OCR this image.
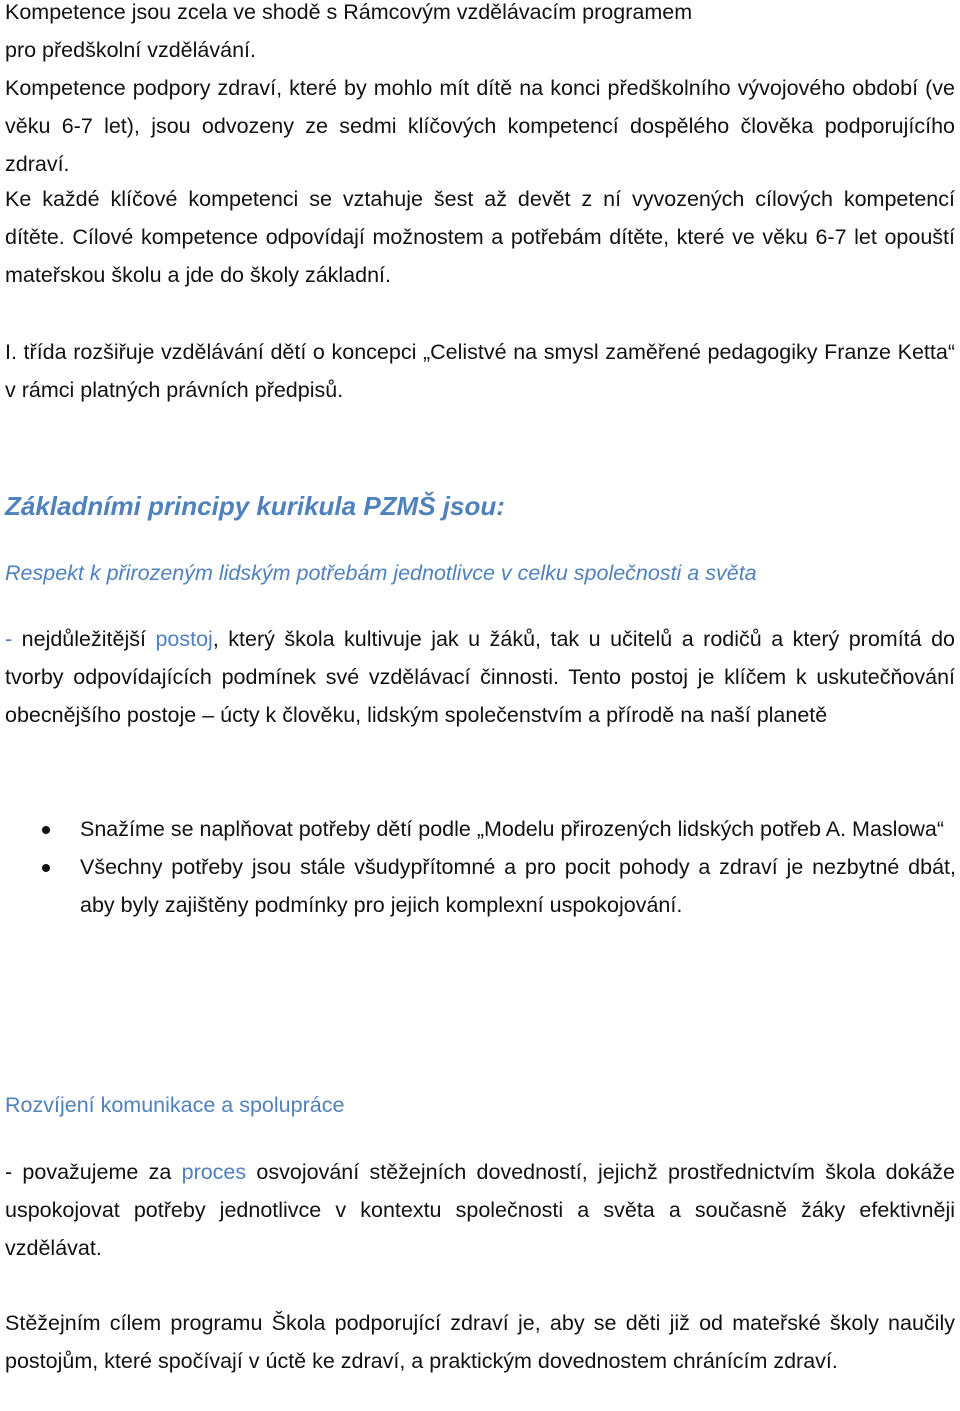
Kompetence jsou zcela ve shodě s Rámcovým vzdělávacím programem
pro předškolní vzdělávání.

Kompetence podpory zdraví, které by mohlo mít dítě na konci předškolního vývojového období (ve věku 6-7 let), jsou odvozeny ze sedmi klíčových kompetencí dospělého člověka podporujícího zdraví.

Ke každé klíčové kompetenci se vztahuje šest až devět z ní vyvozených cílových kompetencí dítěte. Cílové kompetence odpovídají možnostem a potřebám dítěte, které ve věku 6-7 let opouští mateřskou školu a jde do školy základní.

I. třída rozšiřuje vzdělávání dětí o koncepci „Celistvé na smysl zaměřené pedagogiky Franze Ketta“ v rámci platných právních předpisů.

Základními principy kurikula PZMŠ jsou:

Respekt k přirozeným lidským potřebám jednotlivce v celku společnosti a světa

- nejdůležitější postoj, který škola kultivuje jak u žáků, tak u učitelů a rodičů a který promítá do tvorby odpovídajících podmínek své vzdělávací činnosti. Tento postoj je klíčem k uskutečňování obecnějšího postoje – úcty k člověku, lidským společenstvím a přírodě na naší planetě

Snažíme se naplňovat potřeby dětí podle „Modelu přirozených lidských potřeb A. Maslowa“
Všechny potřeby jsou stále všudypřítomné a pro pocit pohody a zdraví je nezbytné dbát, aby byly zajištěny podmínky pro jejich komplexní uspokojování.

Rozvíjení komunikace a spolupráce

- považujeme za proces osvojování stěžejních dovedností, jejichž prostřednictvím škola dokáže uspokojovat potřeby jednotlivce v kontextu společnosti a světa a současně žáky efektivněji vzdělávat.

Stěžejním cílem programu Škola podporující zdraví je, aby se děti již od mateřské školy naučily postojům, které spočívají v úctě ke zdraví, a praktickým dovednostem chránícím zdraví.
